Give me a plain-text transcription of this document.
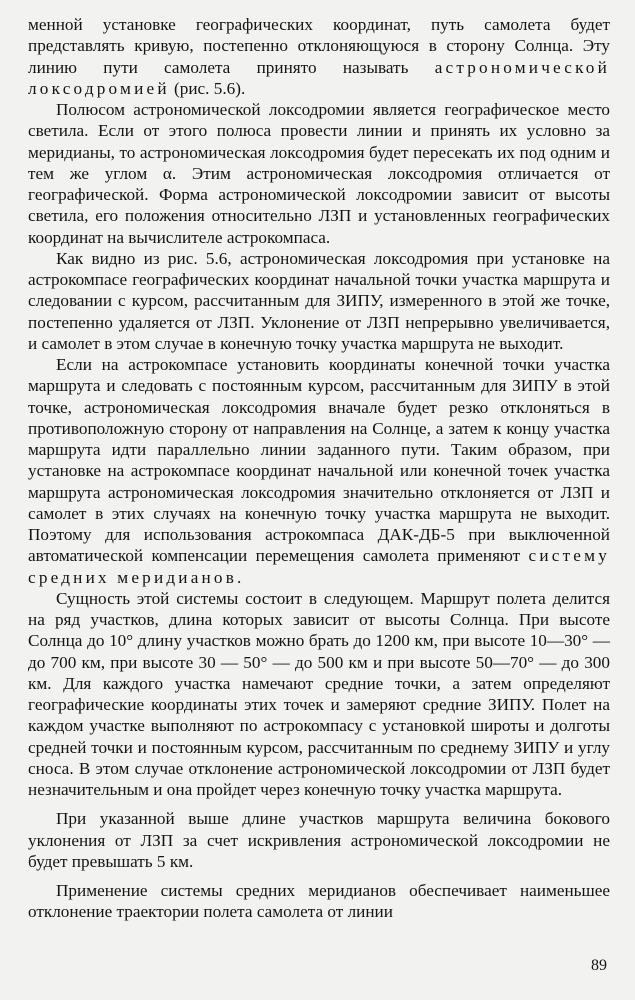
менной установке географических координат, путь самолета будет представлять кривую, постепенно отклоняющуюся в сторону Солнца. Эту линию пути самолета принято называть астрономической локсодромией (рис. 5.6).

Полюсом астрономической локсодромии является географическое место светила. Если от этого полюса провести линии и принять их условно за меридианы, то астрономическая локсодромия будет пересекать их под одним и тем же углом α. Этим астрономическая локсодромия отличается от географической. Форма астрономической локсодромии зависит от высоты светила, его положения относительно ЛЗП и установленных географических координат на вычислителе астрокомпаса.

Как видно из рис. 5.6, астрономическая локсодромия при установке на астрокомпасе географических координат начальной точки участка маршрута и следовании с курсом, рассчитанным для ЗИПУ, измеренного в этой же точке, постепенно удаляется от ЛЗП. Уклонение от ЛЗП непрерывно увеличивается, и самолет в этом случае в конечную точку участка маршрута не выходит.

Если на астрокомпасе установить координаты конечной точки участка маршрута и следовать с постоянным курсом, рассчитанным для ЗИПУ в этой точке, астрономическая локсодромия вначале будет резко отклоняться в противоположную сторону от направления на Солнце, а затем к концу участка маршрута идти параллельно линии заданного пути. Таким образом, при установке на астрокомпасе координат начальной или конечной точек участка маршрута астрономическая локсодромия значительно отклоняется от ЛЗП и самолет в этих случаях на конечную точку участка маршрута не выходит. Поэтому для использования астрокомпаса ДАК-ДБ-5 при выключенной автоматической компенсации перемещения самолета применяют систему средних меридианов.

Сущность этой системы состоит в следующем. Маршрут полета делится на ряд участков, длина которых зависит от высоты Солнца. При высоте Солнца до 10° длину участков можно брать до 1200 км, при высоте 10—30° — до 700 км, при высоте 30 — 50° — до 500 км и при высоте 50—70° — до 300 км. Для каждого участка намечают средние точки, а затем определяют географические координаты этих точек и замеряют средние ЗИПУ. Полет на каждом участке выполняют по астрокомпасу с установкой широты и долготы средней точки и постоянным курсом, рассчитанным по среднему ЗИПУ и углу сноса. В этом случае отклонение астрономической локсодромии от ЛЗП будет незначительным и она пройдет через конечную точку участка маршрута.

При указанной выше длине участков маршрута величина бокового уклонения от ЛЗП за счет искривления астрономической локсодромии не будет превышать 5 км.

Применение системы средних меридианов обеспечивает наименьшее отклонение траектории полета самолета от линии

89
